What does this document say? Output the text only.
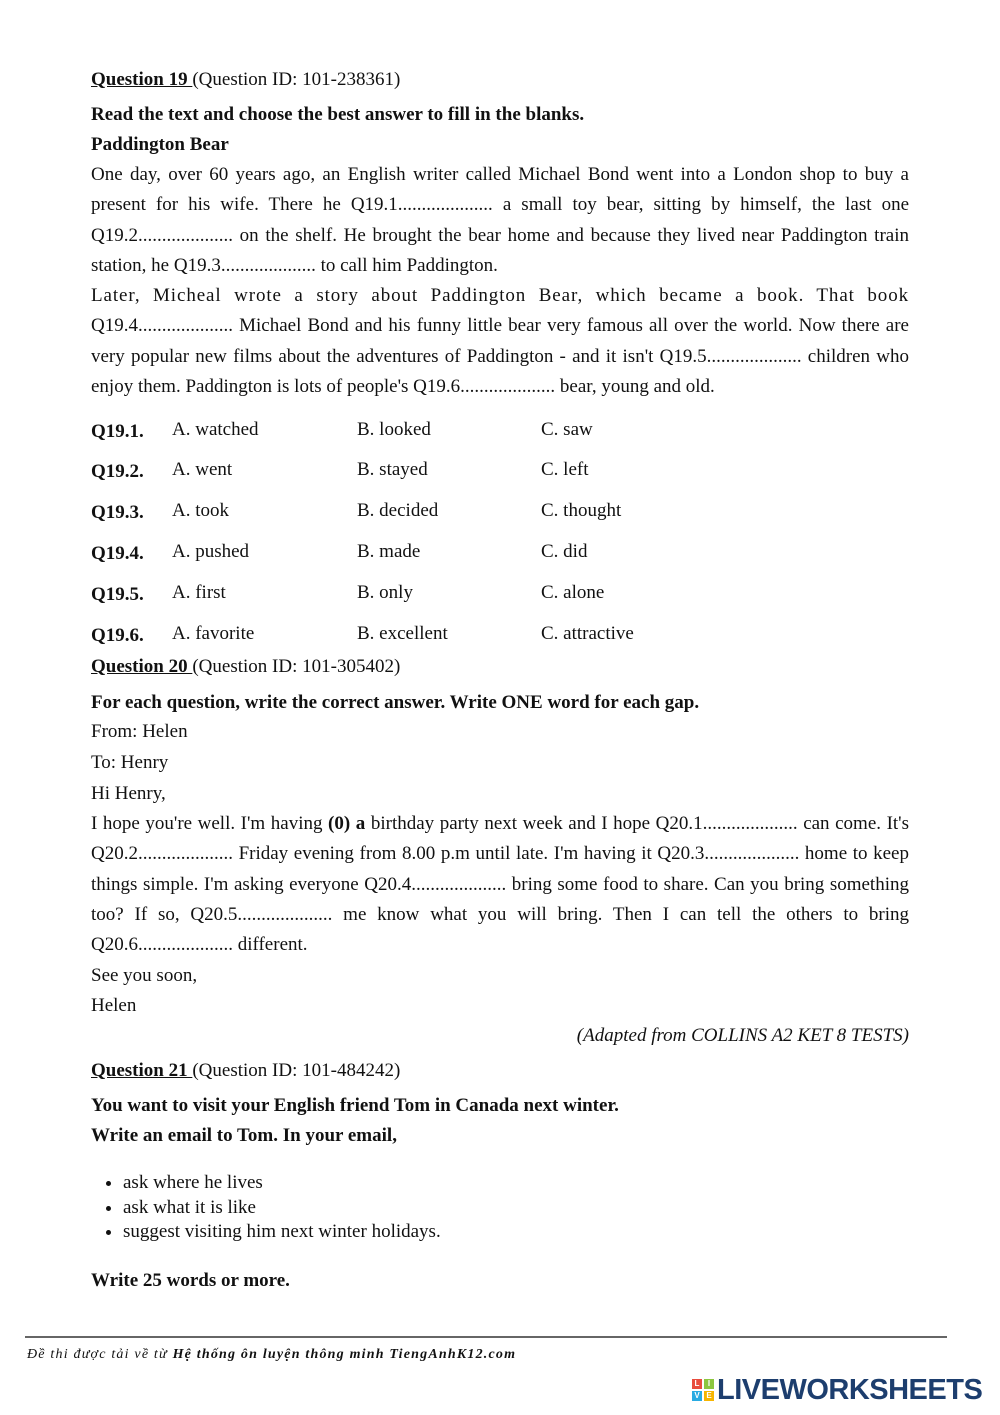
Question 19 (Question ID: 101-238361)
Read the text and choose the best answer to fill in the blanks.
Paddington Bear
One day, over 60 years ago, an English writer called Michael Bond went into a London shop to buy a present for his wife. There he Q19.1.................... a small toy bear, sitting by himself, the last one Q19.2.................... on the shelf. He brought the bear home and because they lived near Paddington train station, he Q19.3.................... to call him Paddington.
Later, Micheal wrote a story about Paddington Bear, which became a book. That book
Q19.4.................... Michael Bond and his funny little bear very famous all over the world. Now there are very popular new films about the adventures of Paddington - and it isn't Q19.5.................... children who enjoy them. Paddington is lots of people's Q19.6.................... bear, young and old.
Q19.1. A. watched	B. looked	C. saw
Q19.2. A. went	B. stayed	C. left
Q19.3. A. took	B. decided	C. thought
Q19.4. A. pushed	B. made	C. did
Q19.5. A. first	B. only	C. alone
Q19.6. A. favorite	B. excellent	C. attractive
Question 20 (Question ID: 101-305402)
For each question, write the correct answer. Write ONE word for each gap.
From: Helen
To: Henry
Hi Henry,
I hope you're well. I'm having (0) a birthday party next week and I hope Q20.1.................... can come. It's Q20.2.................... Friday evening from 8.00 p.m until late. I'm having it Q20.3.................... home to keep things simple. I'm asking everyone Q20.4.................... bring some food to share. Can you bring something too? If so, Q20.5.................... me know what you will bring. Then I can tell the others to bring Q20.6.................... different.
See you soon,
Helen
(Adapted from COLLINS A2 KET 8 TESTS)
Question 21 (Question ID: 101-484242)
You want to visit your English friend Tom in Canada next winter.
Write an email to Tom. In your email,
• ask where he lives
• ask what it is like
• suggest visiting him next winter holidays.
Write 25 words or more.
Đề thi được tải về từ Hệ thống ôn luyện thông minh TiengAnhK12.com
L	I
V E LIVEWORKSHEETS
